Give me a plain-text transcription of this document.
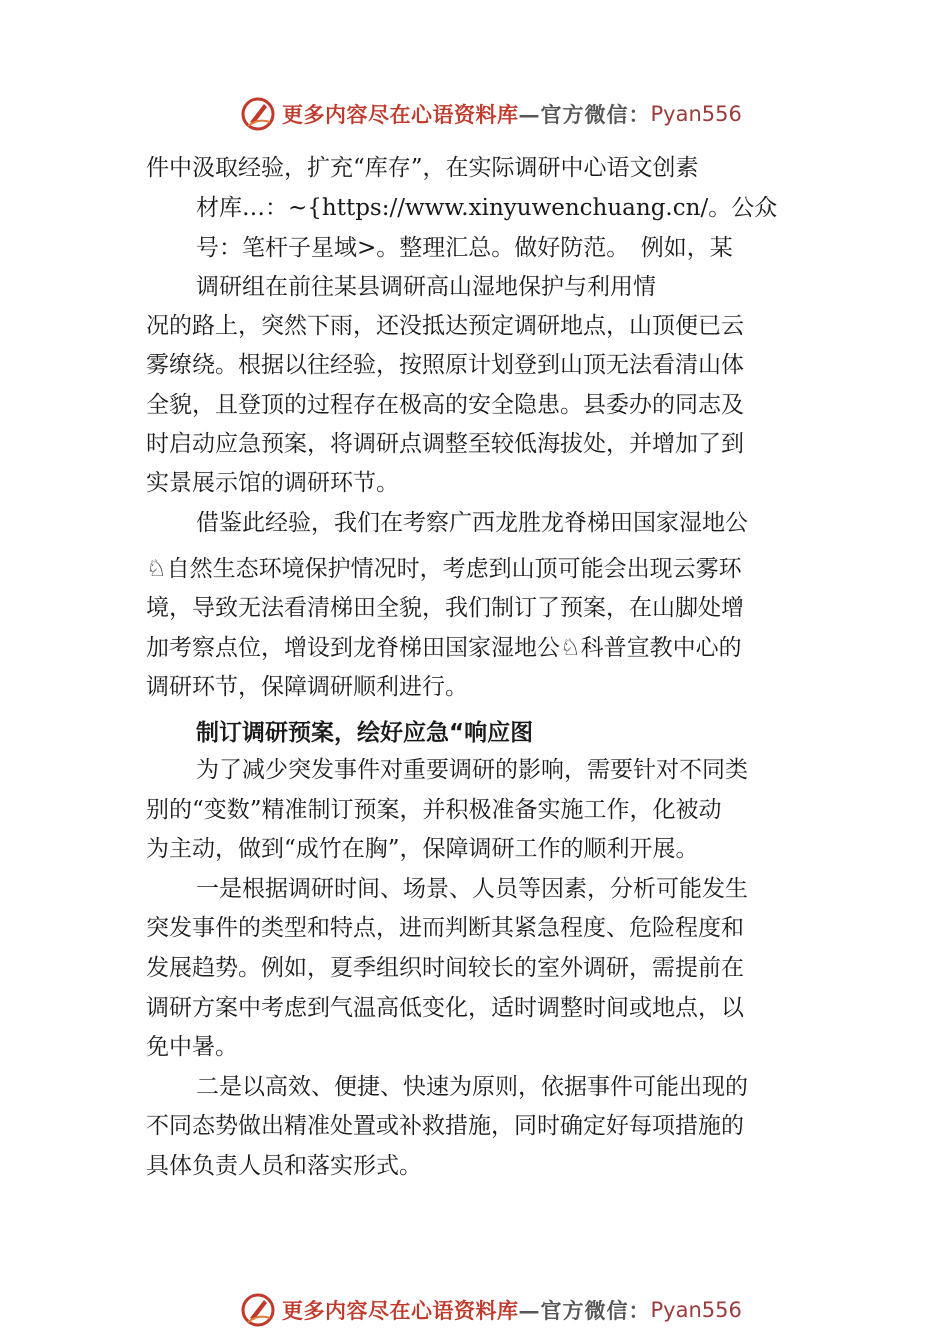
更多内容尽在心语资料库 —官方微信： Pyan556
件中汲取经验，扩充“库存”，在实际调研中心语文创素
材库…：~{https://www.xinyuwenchuang.cn/。公众
号：笔杆子星域>。整理汇总。做好防范。　例如，某
调研组在前往某县调研高山湿地保护与利用情
况的路上，突然下雨，还没抵达预定调研地点，山顶便已云
雾缭绕。根据以往经验，按照原计划登到山顶无法看清山体
全貌，且登顶的过程存在极高的安全隐患。县委办的同志及
时启动应急预案，将调研点调整至较低海拔处，并增加了到
实景展示馆的调研环节。
借鉴此经验，我们在考察广西龙胜龙脊梯田国家湿地公
♘自然生态环境保护情况时，考虑到山顶可能会出现云雾环
境，导致无法看清梯田全貌，我们制订了预案，在山脚处增
加考察点位，增设到龙脊梯田国家湿地公♘科普宣教中心的
调研环节，保障调研顺利进行。
制订调研预案，绘好应急“响应图
为了减少突发事件对重要调研的影响，需要针对不同类
别的“变数”精准制订预案，并积极准备实施工作，化被动
为主动，做到“成竹在胸”，保障调研工作的顺利开展。
一是根据调研时间、场景、人员等因素，分析可能发生
突发事件的类型和特点，进而判断其紧急程度、危险程度和
发展趋势。例如，夏季组织时间较长的室外调研，需提前在
调研方案中考虑到气温高低变化，适时调整时间或地点，以
免中暑。
二是以高效、便捷、快速为原则，依据事件可能出现的
不同态势做出精准处置或补救措施，同时确定好每项措施的
具体负责人员和落实形式。
更多内容尽在心语资料库 —官方微信： Pyan556
